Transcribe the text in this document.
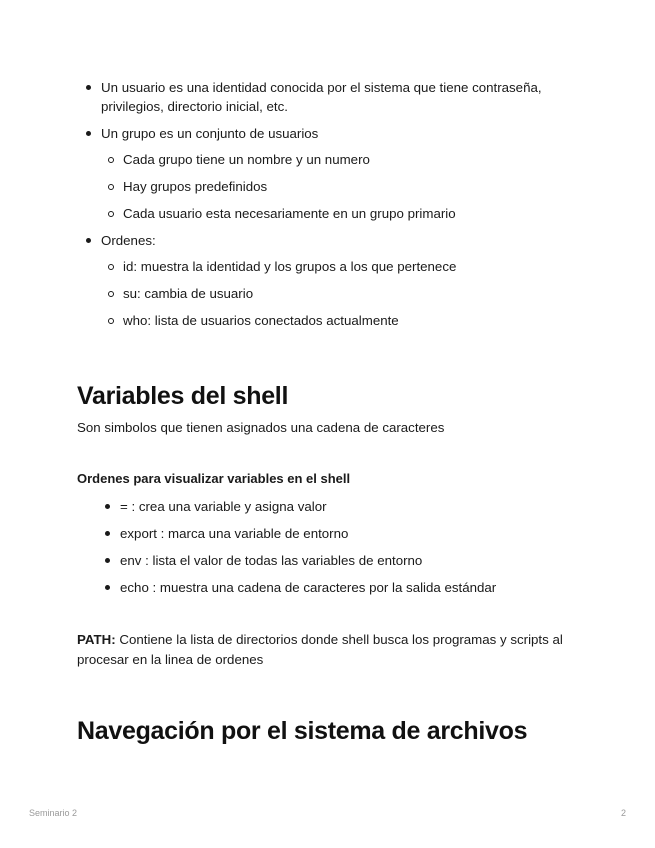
Un usuario es una identidad conocida por el sistema que tiene contraseña, privilegios, directorio inicial, etc.
Un grupo es un conjunto de usuarios
Cada grupo tiene un nombre y un numero
Hay grupos predefinidos
Cada usuario esta necesariamente en un grupo primario
Ordenes:
id: muestra la identidad y los grupos a los que pertenece
su: cambia de usuario
who: lista de usuarios conectados actualmente
Variables del shell

Son simbolos que tienen asignados una cadena de caracteres

Ordenes para visualizar variables en el shell

= : crea una variable y asigna valor
export : marca una variable de entorno
env : lista el valor de todas las variables de entorno
echo : muestra una cadena de caracteres por la salida estándar

PATH: Contiene la lista de directorios donde shell busca los programas y scripts al procesar en la linea de ordenes

Navegación por el sistema de archivos
Seminario 2	2
